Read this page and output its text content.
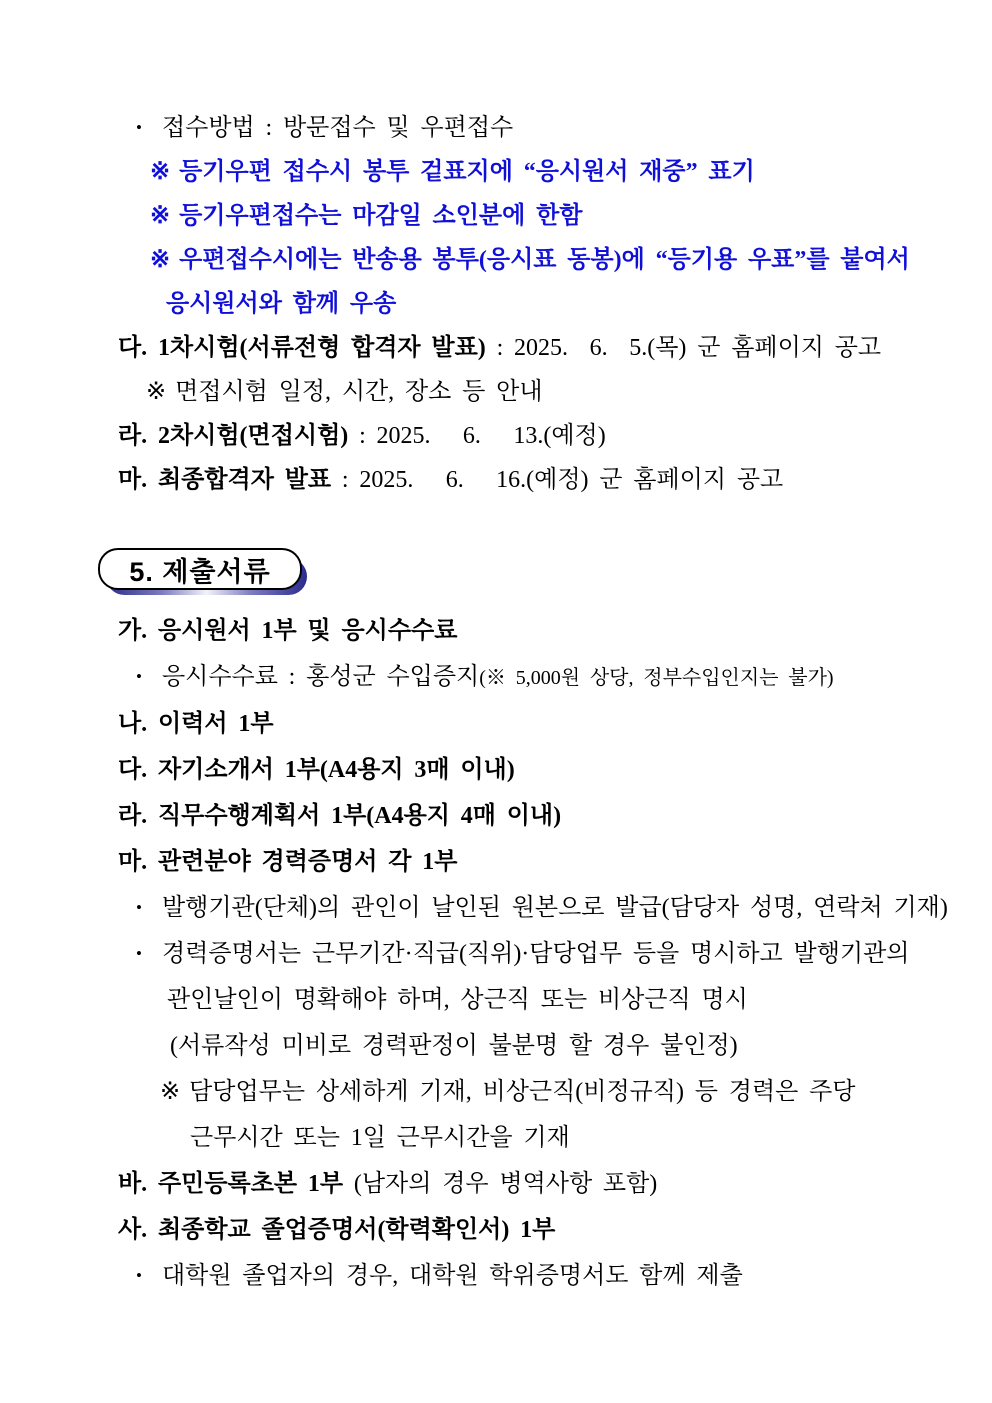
• 접수방법 : 방문접수 및 우편접수
※ 등기우편 접수시 봉투 겉표지에 “응시원서 재중” 표기
※ 등기우편접수는 마감일 소인분에 한함
※ 우편접수시에는 반송용 봉투(응시표 동봉)에 “등기용 우표”를 붙여서
응시원서와 함께 우송
다. 1차시험(서류전형 합격자 발표) : 2025.  6.  5.(목) 군 홈페이지 공고
※ 면접시험 일정, 시간, 장소 등 안내
라. 2차시험(면접시험) : 2025.   6.   13.(예정)
마. 최종합격자 발표 : 2025.   6.   16.(예정) 군 홈페이지 공고
5. 제출서류
가. 응시원서 1부 및 응시수수료
• 응시수수료 : 홍성군 수입증지(※ 5,000원 상당, 정부수입인지는 불가)
나. 이력서 1부
다. 자기소개서 1부(A4용지 3매 이내)
라. 직무수행계획서 1부(A4용지 4매 이내)
마. 관련분야 경력증명서 각 1부
• 발행기관(단체)의 관인이 날인된 원본으로 발급(담당자 성명, 연락처 기재)
• 경력증명서는 근무기간·직급(직위)·담당업무 등을 명시하고 발행기관의
관인날인이 명확해야 하며, 상근직 또는 비상근직 명시
(서류작성 미비로 경력판정이 불분명 할 경우 불인정)
※ 담당업무는 상세하게 기재, 비상근직(비정규직) 등 경력은 주당
근무시간 또는 1일 근무시간을 기재
바. 주민등록초본 1부 (남자의 경우 병역사항 포함)
사. 최종학교 졸업증명서(학력확인서) 1부
• 대학원 졸업자의 경우, 대학원 학위증명서도 함께 제출
